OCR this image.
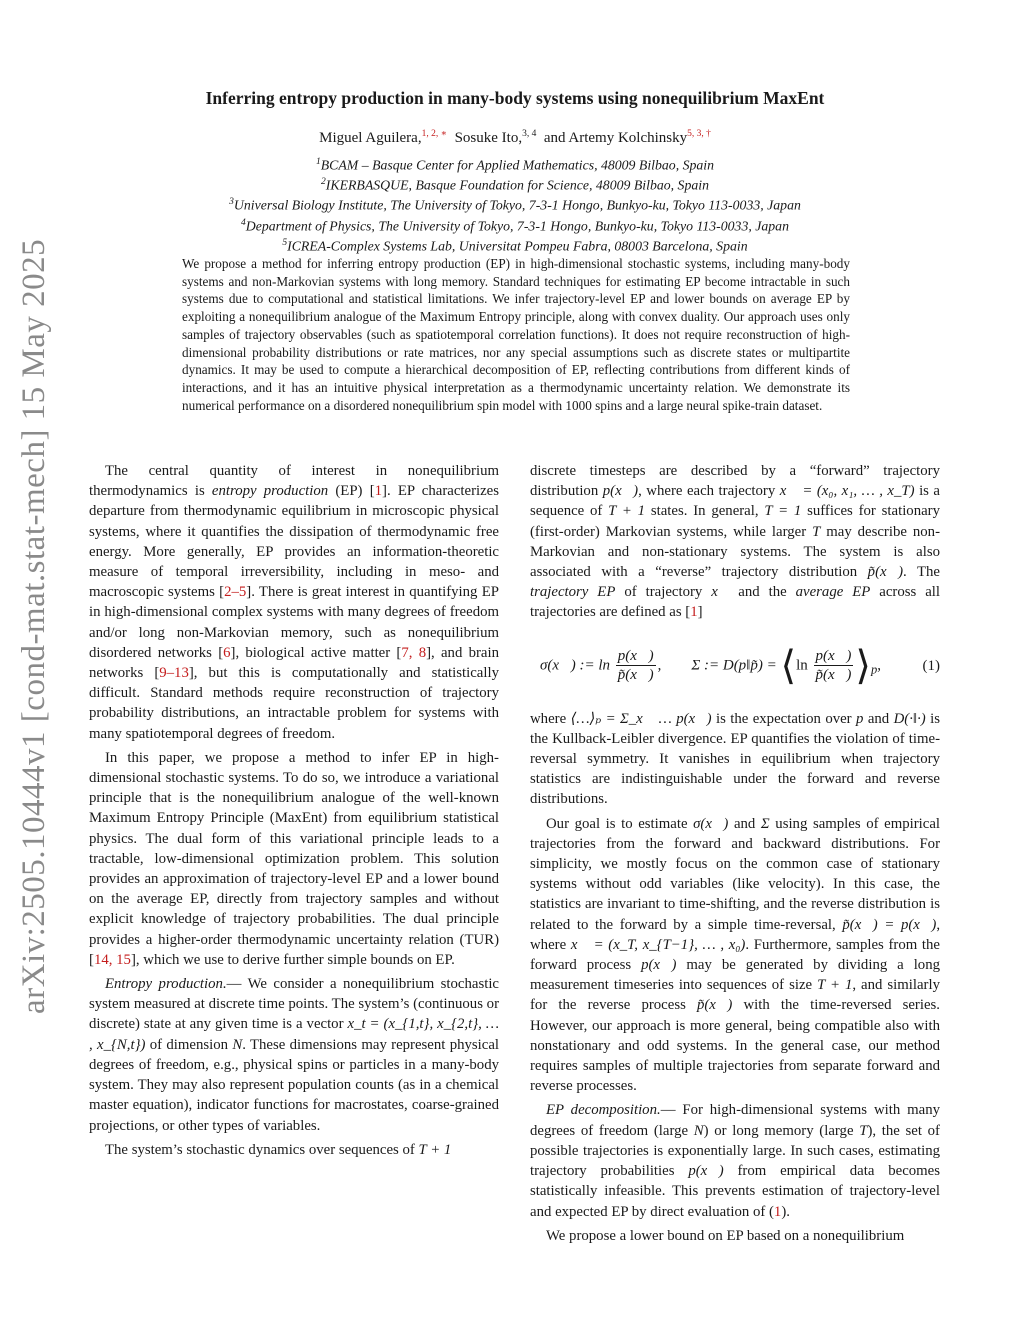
arXiv:2505.10444v1 [cond-mat.stat-mech] 15 May 2025
Inferring entropy production in many-body systems using nonequilibrium MaxEnt
Miguel Aguilera,$^{1, 2, ∗}$ Sosuke Ito,$^{3, 4}$ and Artemy Kolchinsky$^{5, 3, \dagger}$
$^1$BCAM – Basque Center for Applied Mathematics, 48009 Bilbao, Spain
$^2$IKERBASQUE, Basque Foundation for Science, 48009 Bilbao, Spain
$^3$Universal Biology Institute, The University of Tokyo, 7-3-1 Hongo, Bunkyo-ku, Tokyo 113-0033, Japan
$^4$Department of Physics, The University of Tokyo, 7-3-1 Hongo, Bunkyo-ku, Tokyo 113-0033, Japan
$^5$ICREA-Complex Systems Lab, Universitat Pompeu Fabra, 08003 Barcelona, Spain
We propose a method for inferring entropy production (EP) in high-dimensional stochastic systems, including many-body systems and non-Markovian systems with long memory. Standard techniques for estimating EP become intractable in such systems due to computational and statistical limitations. We infer trajectory-level EP and lower bounds on average EP by exploiting a nonequilibrium analogue of the Maximum Entropy principle, along with convex duality. Our approach uses only samples of trajectory observables (such as spatiotemporal correlation functions). It does not require reconstruction of high-dimensional probability distributions or rate matrices, nor any special assumptions such as discrete states or multipartite dynamics. It may be used to compute a hierarchical decomposition of EP, reflecting contributions from different kinds of interactions, and it has an intuitive physical interpretation as a thermodynamic uncertainty relation. We demonstrate its numerical performance on a disordered nonequilibrium spin model with 1000 spins and a large neural spike-train dataset.

The central quantity of interest in nonequilibrium thermodynamics is entropy production (EP) [1]. EP characterizes departure from thermodynamic equilibrium in microscopic physical systems, where it quantifies the dissipation of thermodynamic free energy. More generally, EP provides an information-theoretic measure of temporal irreversibility, including in meso- and macroscopic systems [2–5]. There is great interest in quantifying EP in high-dimensional complex systems with many degrees of freedom and/or long non-Markovian memory, such as nonequilibrium disordered networks [6], biological active matter [7, 8], and brain networks [9–13], but this is computationally and statistically difficult. Standard methods require reconstruction of trajectory probability distributions, an intractable problem for systems with many spatiotemporal degrees of freedom.

In this paper, we propose a method to infer EP in high-dimensional stochastic systems. To do so, we introduce a variational principle that is the nonequilibrium analogue of the well-known Maximum Entropy Principle (MaxEnt) from equilibrium statistical physics. The dual form of this variational principle leads to a tractable, low-dimensional optimization problem. This solution provides an approximation of trajectory-level EP and a lower bound on the average EP, directly from trajectory samples and without explicit knowledge of trajectory probabilities. The dual principle provides a higher-order thermodynamic uncertainty relation (TUR) [14, 15], which we use to derive further simple bounds on EP.

Entropy production.— We consider a nonequilibrium stochastic system measured at discrete time points. The system’s (continuous or discrete) state at any given time is a vector x_t = (x_{1,t}, x_{2,t}, … , x_{N,t}) of dimension N. These dimensions may represent physical degrees of freedom, e.g., physical spins or particles in a many-body system. They may also represent population counts (as in a chemical master equation), indicator functions for macrostates, coarse-grained projections, or other types of variables.

The system’s stochastic dynamics over sequences of T + 1

discrete timesteps are described by a “forward” trajectory distribution p(x⃗), where each trajectory x⃗ = (x₀, x₁, … , x_T) is a sequence of T + 1 states. In general, T = 1 suffices for stationary (first-order) Markovian systems, while larger T may describe non-Markovian and non-stationary systems. The system is also associated with a “reverse” trajectory distribution p̃(x⃗). The trajectory EP of trajectory x⃗ and the average EP across all trajectories are defined as [1]

σ(x⃗) := $\ln \frac{p(x⃗)}{p̃(x⃗)}$ , Σ := D(p‖p̃) = ⟨ln $\frac{p(x⃗)}{p̃(x⃗)}$ $⟩_p$,	(1)

where ⟨…⟩ₚ = Σ_x⃗ … p(x⃗) is the expectation over p and D(·‖·) is the Kullback-Leibler divergence. EP quantifies the violation of time-reversal symmetry. It vanishes in equilibrium when trajectory statistics are indistinguishable under the forward and reverse distributions.

Our goal is to estimate σ(x⃗) and Σ using samples of empirical trajectories from the forward and backward distributions. For simplicity, we mostly focus on the common case of stationary systems without odd variables (like velocity). In this case, the statistics are invariant to time-shifting, and the reverse distribution is related to the forward by a simple time-reversal, p̃(x⃗) = p(x⃖), where x⃖ = (x_T, x_{T−1}, … , x₀). Furthermore, samples from the forward process p(x⃗) may be generated by dividing a long measurement timeseries into sequences of size T + 1, and similarly for the reverse process p̃(x⃗) with the time-reversed series. However, our approach is more general, being compatible also with nonstationary and odd systems. In the general case, our method requires samples of multiple trajectories from separate forward and reverse processes.

EP decomposition.— For high-dimensional systems with many degrees of freedom (large N) or long memory (large T), the set of possible trajectories is exponentially large. In such cases, estimating trajectory probabilities p(x⃗) from empirical data becomes statistically infeasible. This prevents estimation of trajectory-level and expected EP by direct evaluation of (1).

We propose a lower bound on EP based on a nonequilibrium
